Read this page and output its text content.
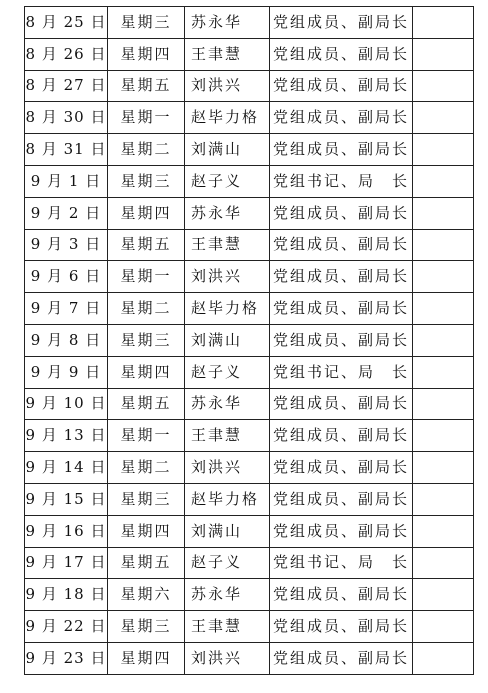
8 月 25 日	星期三	苏永华	党组成员、副局长	
8 月 26 日	星期四	王聿慧	党组成员、副局长	
8 月 27 日	星期五	刘洪兴	党组成员、副局长	
8 月 30 日	星期一	赵毕力格	党组成员、副局长	
8 月 31 日	星期二	刘满山	党组成员、副局长	
9 月 1 日	星期三	赵子义	党组书记、局　长	
9 月 2 日	星期四	苏永华	党组成员、副局长	
9 月 3 日	星期五	王聿慧	党组成员、副局长	
9 月 6 日	星期一	刘洪兴	党组成员、副局长	
9 月 7 日	星期二	赵毕力格	党组成员、副局长	
9 月 8 日	星期三	刘满山	党组成员、副局长	
9 月 9 日	星期四	赵子义	党组书记、局　长	
9 月 10 日	星期五	苏永华	党组成员、副局长	
9 月 13 日	星期一	王聿慧	党组成员、副局长	
9 月 14 日	星期二	刘洪兴	党组成员、副局长	
9 月 15 日	星期三	赵毕力格	党组成员、副局长	
9 月 16 日	星期四	刘满山	党组成员、副局长	
9 月 17 日	星期五	赵子义	党组书记、局　长	
9 月 18 日	星期六	苏永华	党组成员、副局长	
9 月 22 日	星期三	王聿慧	党组成员、副局长	
9 月 23 日	星期四	刘洪兴	党组成员、副局长	
